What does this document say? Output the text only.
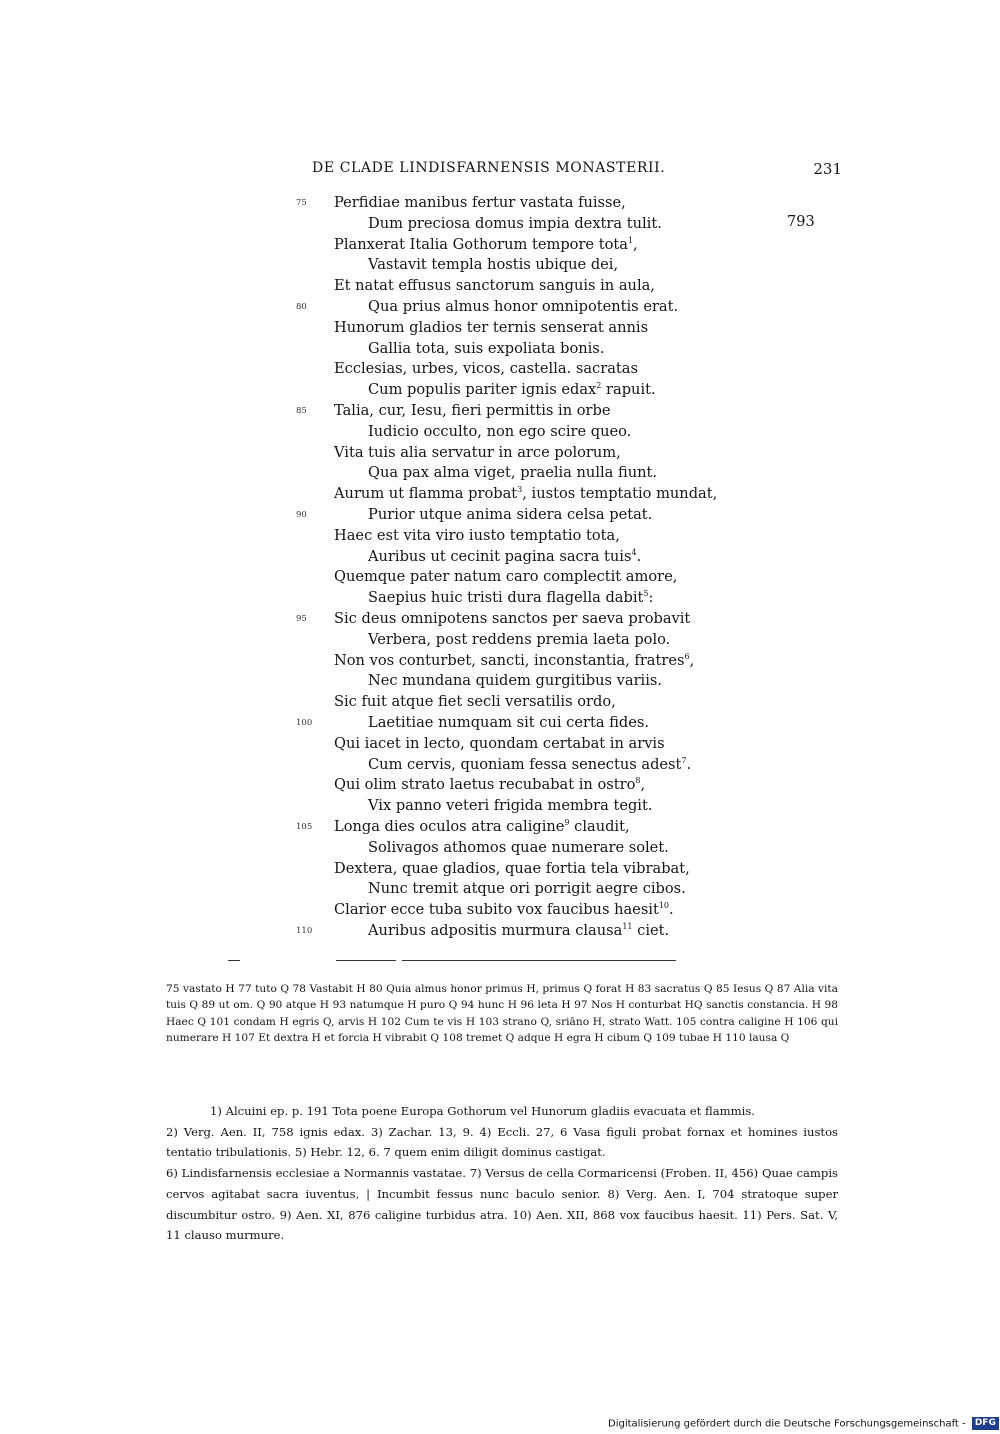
DE CLADE LINDISFARNENSIS MONASTERII.	231
793
Perfidiae manibus fertur vastata fuisse,
75
Dum preciosa domus impia dextra tulit.
Planxerat Italia Gothorum tempore tota$^1$,
Vastavit templa hostis ubique dei,
Et natat effusus sanctorum sanguis in aula,
Qua prius almus honor omnipotentis erat.
80
Hunorum gladios ter ternis senserat annis
Gallia tota, suis expoliata bonis.
Ecclesias, urbes, vicos, castella. sacratas
Cum populis pariter ignis edax$^2$ rapuit.
Talia, cur, Iesu, fieri permittis in orbe
85
Iudicio occulto, non ego scire queo.
Vita tuis alia servatur in arce polorum,
Qua pax alma viget, praelia nulla fiunt.
Aurum ut flamma probat$^3$, iustos temptatio mundat,
Purior utque anima sidera celsa petat.
90
Haec est vita viro iusto temptatio tota,
Auribus ut cecinit pagina sacra tuis$^4$.
Quemque pater natum caro complectit amore,
Saepius huic tristi dura flagella dabit$^5$:
Sic deus omnipotens sanctos per saeva probavit
95
Verbera, post reddens premia laeta polo.
Non vos conturbet, sancti, inconstantia, fratres$^6$,
Nec mundana quidem gurgitibus variis.
Sic fuit atque fiet secli versatilis ordo,
Laetitiae numquam sit cui certa fides.
100
Qui iacet in lecto, quondam certabat in arvis
Cum cervis, quoniam fessa senectus adest$^7$.
Qui olim strato laetus recubabat in ostro$^8$,
Vix panno veteri frigida membra tegit.
Longa dies oculos atra caligine$^9$ claudit,
105
Solivagos athomos quae numerare solet.
Dextera, quae gladios, quae fortia tela vibrabat,
Nunc tremit atque ori porrigit aegre cibos.
Clarior ecce tuba subito vox faucibus haesit$^{10}$.
Auribus adpositis murmura clausa$^{11}$ ciet.
110

75 vastato H 77 tuto Q 78 Vastabit H 80 Quia almus honor primus H, primus Q forat H 83 sacratus Q 85 Iesus Q 87 Alia vita tuis Q 89 ut om. Q 90 atque H 93 natumque H puro Q 94 hunc H 96 leta H 97 Nos H conturbat HQ sanctis constancia. H 98 Haec Q 101 condam H egris Q, arvis H 102 Cum te vis H 103 strano Q, sriāno H, strato Watt. 105 contra caligine H 106 qui numerare H 107 Et dextra H et forcia H vibrabit Q 108 tremet Q adque H egra H cibum Q 109 tubae H 110 lausa Q

1) Alcuini ep. p. 191 Tota poene Europa Gothorum vel Hunorum gladiis evacuata et flammis.

2) Verg. Aen. II, 758 ignis edax. 3) Zachar. 13, 9. 4) Eccli. 27, 6 Vasa figuli probat fornax et homines iustos tentatio tribulationis. 5) Hebr. 12, 6. 7 quem enim diligit dominus castigat.

6) Lindisfarnensis ecclesiae a Normannis vastatae. 7) Versus de cella Cormaricensi (Froben. II, 456) Quae campis cervos agitabat sacra iuventus, | Incumbit fessus nunc baculo senior. 8) Verg. Aen. I, 704 stratoque super discumbitur ostro. 9) Aen. XI, 876 caligine turbidus atra. 10) Aen. XII, 868 vox faucibus haesit. 11) Pers. Sat. V, 11 clauso murmure.

Digitalisierung gefördert durch die Deutsche Forschungsgemeinschaft - DFG
